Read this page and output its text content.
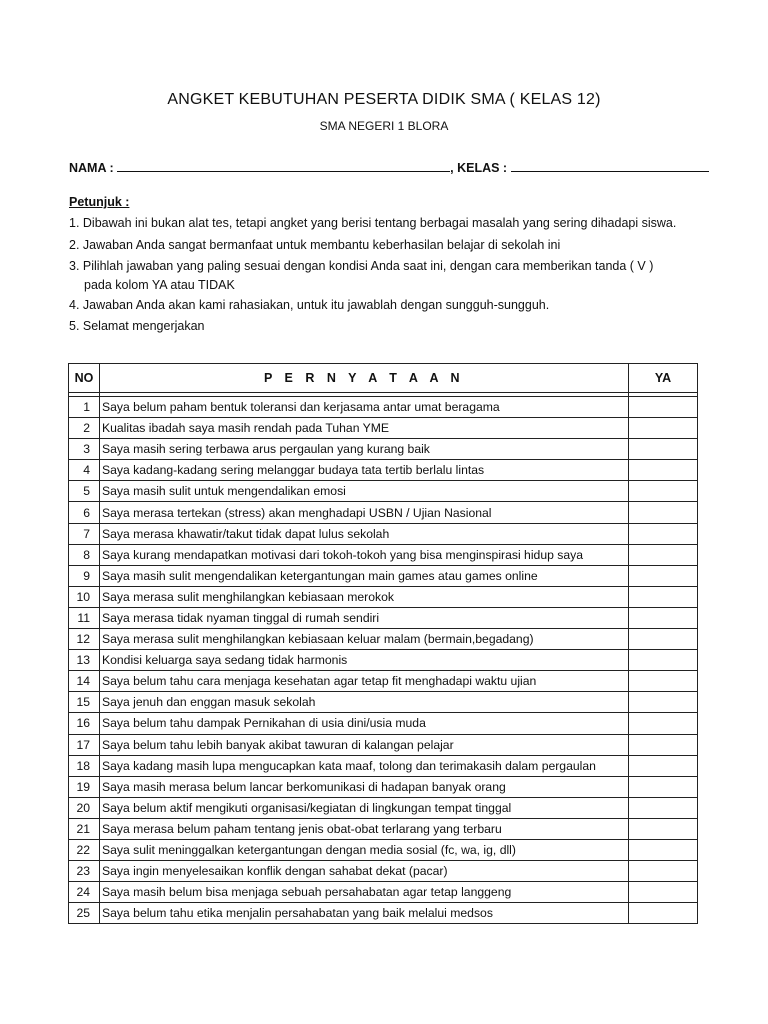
ANGKET KEBUTUHAN PESERTA DIDIK SMA ( KELAS 12)
SMA NEGERI 1 BLORA
NAMA :	, KELAS :
Petunjuk :
1. Dibawah ini bukan alat tes, tetapi angket yang berisi tentang berbagai masalah yang sering dihadapi siswa.
2. Jawaban Anda sangat bermanfaat untuk membantu keberhasilan belajar di sekolah ini
3. Pilihlah jawaban yang paling sesuai dengan kondisi Anda saat ini, dengan cara memberikan tanda ( V )
pada kolom YA atau TIDAK
4. Jawaban Anda akan kami rahasiakan, untuk itu jawablah dengan sungguh-sungguh.
5. Selamat mengerjakan
NO	P E R N Y A T A A N	YA

1	Saya belum paham bentuk toleransi dan kerjasama antar umat beragama	
2	Kualitas ibadah saya masih rendah pada Tuhan YME	
3	Saya masih sering terbawa arus pergaulan yang kurang baik	
4	Saya kadang-kadang sering melanggar budaya tata tertib berlalu lintas	
5	Saya masih sulit untuk mengendalikan emosi	
6	Saya merasa tertekan (stress) akan menghadapi USBN / Ujian Nasional	
7	Saya merasa khawatir/takut tidak dapat lulus sekolah	
8	Saya kurang mendapatkan motivasi dari tokoh-tokoh yang bisa menginspirasi hidup saya	
9	Saya masih sulit mengendalikan ketergantungan main games atau games online	
10	Saya merasa sulit menghilangkan kebiasaan merokok	
11	Saya merasa tidak nyaman tinggal di rumah sendiri	
12	Saya merasa sulit menghilangkan kebiasaan keluar malam (bermain,begadang)	
13	Kondisi keluarga saya sedang tidak harmonis	
14	Saya belum tahu cara menjaga kesehatan agar tetap fit menghadapi waktu ujian	
15	Saya jenuh dan enggan masuk sekolah	
16	Saya belum tahu dampak Pernikahan di usia dini/usia muda	
17	Saya belum tahu lebih banyak akibat tawuran di kalangan pelajar	
18	Saya kadang masih lupa mengucapkan kata maaf, tolong dan terimakasih dalam pergaulan	
19	Saya masih merasa belum lancar berkomunikasi di hadapan banyak orang	
20	Saya belum aktif mengikuti organisasi/kegiatan di lingkungan tempat tinggal	
21	Saya merasa belum paham tentang jenis obat-obat terlarang yang terbaru	
22	Saya sulit meninggalkan ketergantungan dengan media sosial (fc, wa, ig, dll)	
23	Saya ingin menyelesaikan konflik dengan sahabat dekat (pacar)	
24	Saya masih belum bisa menjaga sebuah persahabatan agar tetap langgeng	
25	Saya belum tahu etika menjalin persahabatan yang baik melalui medsos	
